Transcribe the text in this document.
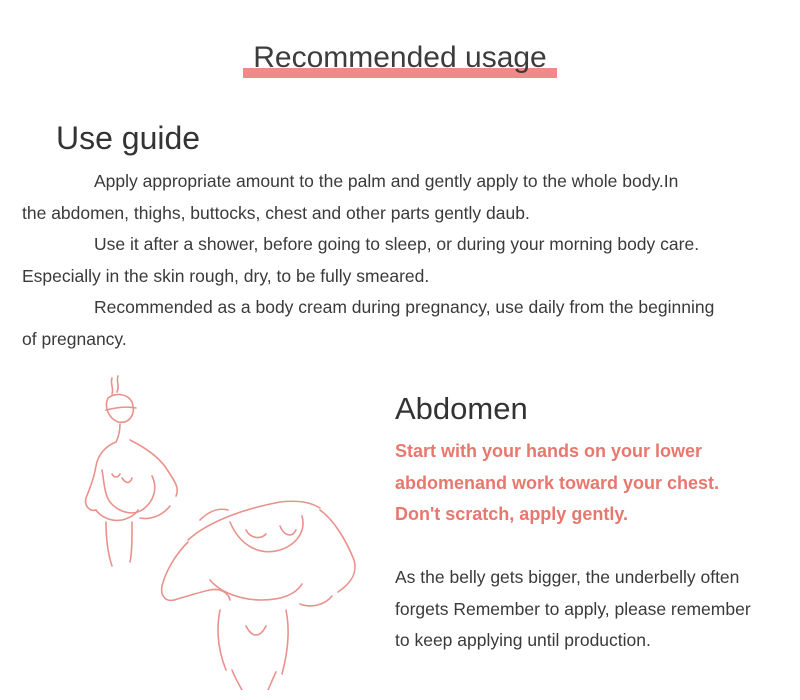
Recommended usage
Use guide

Apply appropriate amount to the palm and gently apply to the whole body.In
the abdomen, thighs, buttocks, chest and other parts gently daub.

Use it after a shower, before going to sleep, or during your morning body care.
Especially in the skin rough, dry, to be fully smeared.

Recommended as a body cream during pregnancy, use daily from the beginning
of pregnancy.

Abdomen
Start with your hands on your lower
abdomenand work toward your chest.
Don't scratch, apply gently.
As the belly gets bigger, the underbelly often
forgets Remember to apply, please remember
to keep applying until production.
